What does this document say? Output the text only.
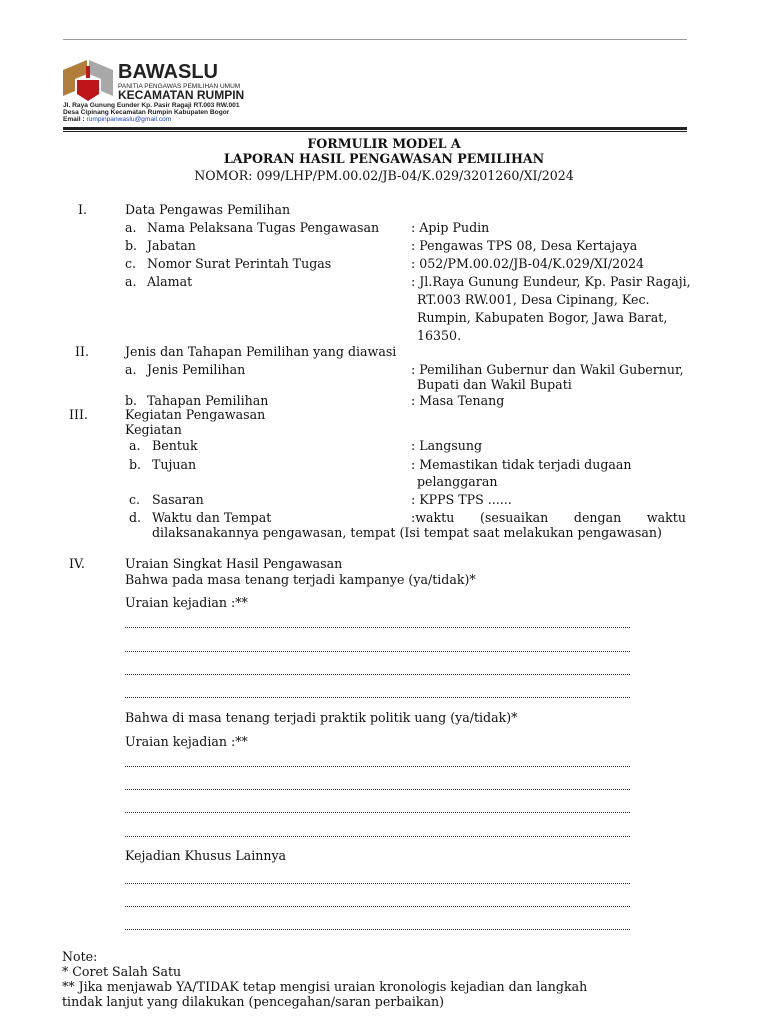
BAWASLU
PANITIA PENGAWAS PEMILIHAN UMUM
KECAMATAN RUMPIN
Jl. Raya Gunung Eunder Kp. Pasir Ragaji RT.003 RW.001
Desa Cipinang Kecamatan Rumpin Kabupaten Bogor
Email : rumpinpanwaslu@gmail.com
FORMULIR MODEL A
LAPORAN HASIL PENGAWASAN PEMILIHAN
NOMOR: 099/LHP/PM.00.02/JB-04/K.029/3201260/XI/2024
I.	Data Pengawas Pemilihan
a. Nama Pelaksana Tugas Pengawasan	: Apip Pudin
b. Jabatan	: Pengawas TPS 08, Desa Kertajaya
c. Nomor Surat Perintah Tugas	: 052/PM.00.02/JB-04/K.029/XI/2024
a. Alamat	: Jl.Raya Gunung Eundeur, Kp. Pasir Ragaji,
RT.003 RW.001, Desa Cipinang, Kec.
Rumpin, Kabupaten Bogor, Jawa Barat,
16350.
II.	Jenis dan Tahapan Pemilihan yang diawasi
a. Jenis Pemilihan	: Pemilihan Gubernur dan Wakil Gubernur,
Bupati dan Wakil Bupati
b. Tahapan Pemilihan	: Masa Tenang
III.	Kegiatan Pengawasan
Kegiatan
a. Bentuk	: Langsung
b. Tujuan	: Memastikan tidak terjadi dugaan
pelanggaran
c. Sasaran	: KPPS TPS ......
d. Waktu dan Tempat	:waktu (sesuaikan dengan waktu
dilaksanakannya pengawasan, tempat (Isi tempat saat melakukan pengawasan)
IV.	Uraian Singkat Hasil Pengawasan
Bahwa pada masa tenang terjadi kampanye (ya/tidak)*
Uraian kejadian :**
Bahwa di masa tenang terjadi praktik politik uang (ya/tidak)*
Uraian kejadian :**
Kejadian Khusus Lainnya
Note:
* Coret Salah Satu
** Jika menjawab YA/TIDAK tetap mengisi uraian kronologis kejadian dan langkah
tindak lanjut yang dilakukan (pencegahan/saran perbaikan)
